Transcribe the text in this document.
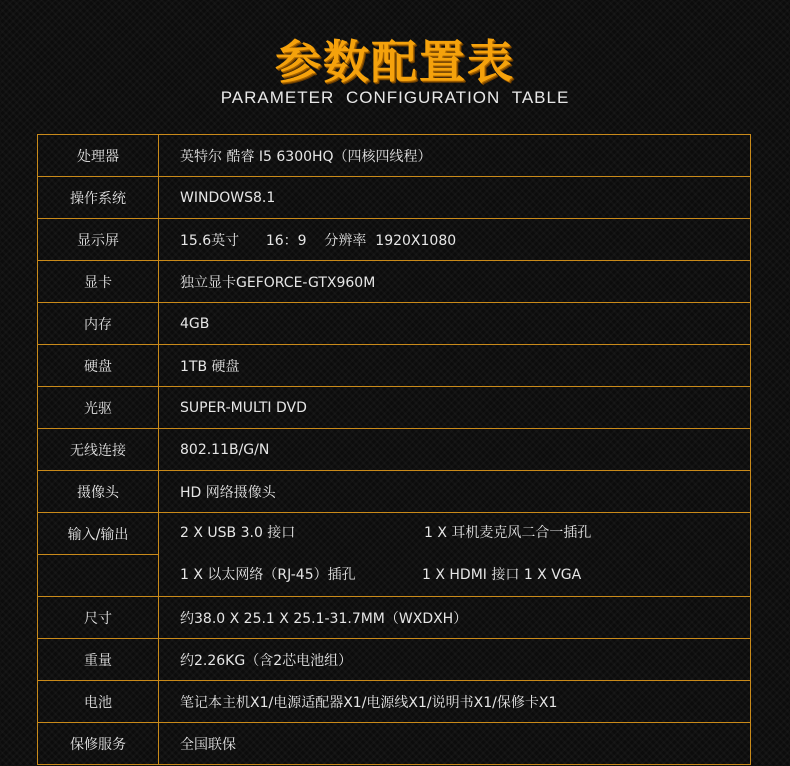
参数配置表
PARAMETER CONFIGURATION TABLE
处理器	英特尔 酷睿 I5 6300HQ（四核四线程）
操作系统	WINDOWS8.1
显示屏	15.6英寸      16：9    分辨率  1920X1080
显卡	独立显卡GEFORCE-GTX960M
内存	4GB
硬盘	1TB 硬盘
光驱	SUPER-MULTI DVD
无线连接	802.11B/G/N
摄像头	HD 网络摄像头
输入/输出	2 X USB 3.0 接口 1 X 耳机麦克风二合一插孔

	1 X 以太网络（RJ-45）插孔 1 X HDMI 接口 1 X VGA

尺寸	约38.0 X 25.1 X 25.1-31.7MM（WXDXH）
重量	约2.26KG（含2芯电池组）
电池	笔记本主机X1/电源适配器X1/电源线X1/说明书X1/保修卡X1
保修服务	全国联保
